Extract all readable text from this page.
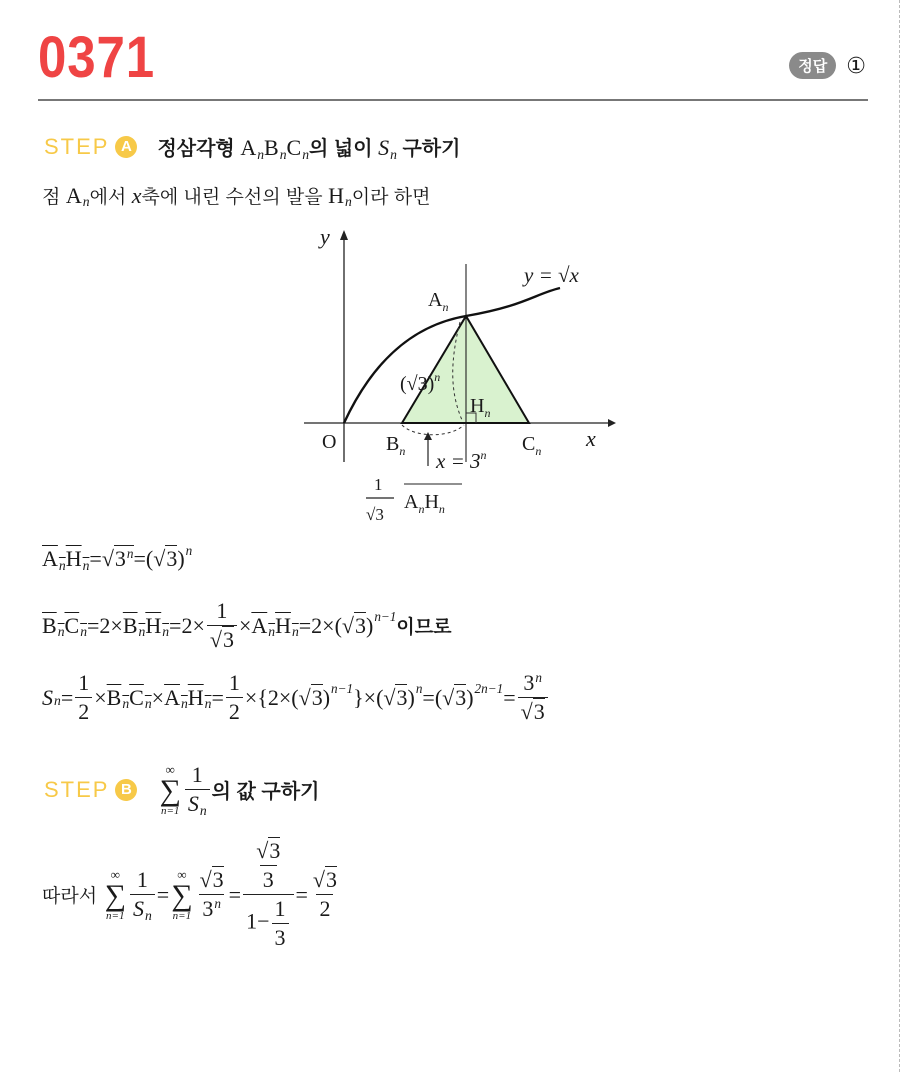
0371	정답 ①
STEP A 정삼각형 AnBnCn의 넓이 Sn 구하기
점
An 에서
x 축에 내린 수선의 발을
Hn 이라 하면
y
x
O
y = √x
$A_n$
$B_n$	$C_n$
$H_n$
$(√3)^n$
$x = 3^n$
1
√3
$A_nH_n$
AnHn = $√3^n$ =( √3 ) n
BnCn =2× BnHn $=2\times \frac{1}{√3}$ × AnHn =2×( √3 ) n−1
이므로
S $n = \frac{1}{2}$ × BnCn × AnHn = $\frac{1}{2} \times\{2\times$( √3 ) n−1 }×( √3 ) n =( √3 ) $2n-1 = \frac{3^n}{√3}$
STEP B
∞
∑
$n=1 \frac{1}{Sn}$ 의 값 구하기
따라서

∞
∑
$n=1 \frac{1}{Sn}$ =
∞
∑
$n=1 \frac{√3}{3^n} = \frac{\frac{√3}{3}}{1- \frac{1}{3}} = \frac{√3}{2}$
